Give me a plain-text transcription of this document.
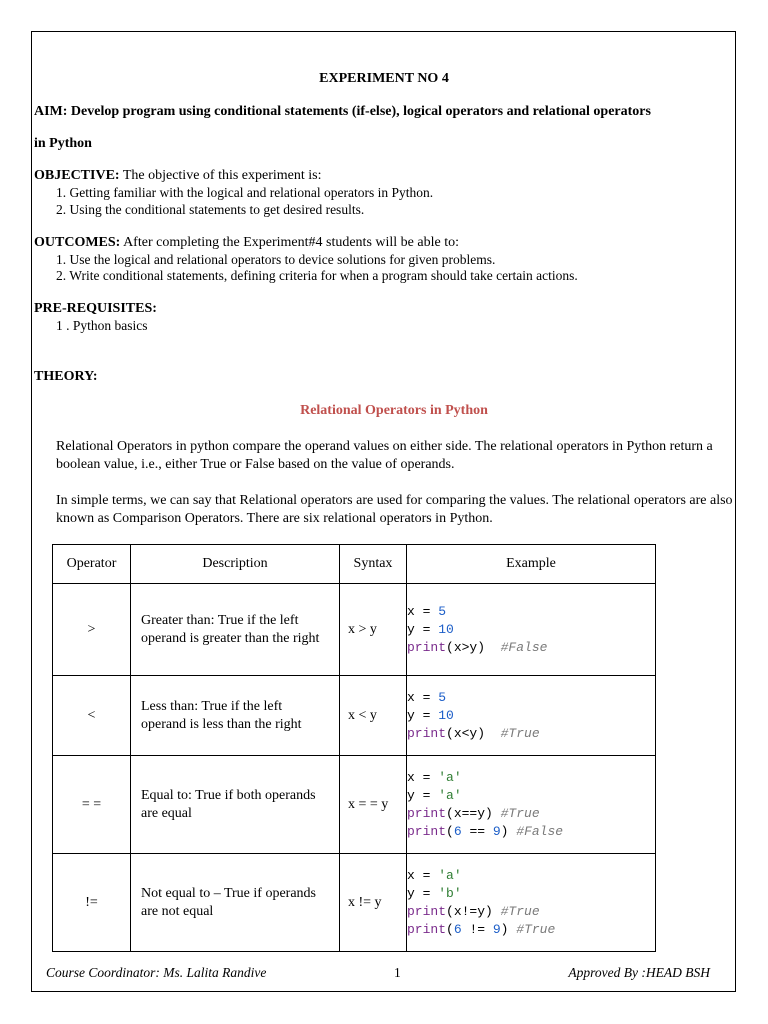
EXPERIMENT NO 4
AIM: Develop program using conditional statements (if-else), logical operators and relational operators
in Python
OBJECTIVE: The objective of this experiment is:
1. Getting familiar with the logical and relational operators in Python.
2. Using the conditional statements to get desired results.
OUTCOMES: After completing the Experiment#4 students will be able to:
1. Use the logical and relational operators to device solutions for given problems.
2. Write conditional statements, defining criteria for when a program should take certain actions.
PRE-REQUISITES:
1 . Python basics
THEORY:
Relational Operators in Python
Relational Operators in python compare the operand values on either side. The relational operators in Python return a boolean value, i.e., either True or False based on the value of operands.
In simple terms, we can say that Relational operators are used for comparing the values. The relational operators are also known as Comparison Operators. There are six relational operators in Python.
Operator	Description	Syntax	Example
>	Greater than: True if the left operand is greater than the right	x > y	x = 5
y = 10
print(x>y)  #False

<	Less than: True if the left operand is less than the right	x < y	x = 5
y = 10
print(x<y)  #True

= =	Equal to: True if both operands are equal	x = = y	x = 'a'
y = 'a'
print(x==y) #True
print(6 == 9) #False

!=	Not equal to – True if operands are not equal	x != y	x = 'a'
y = 'b'
print(x!=y) #True
print(6 != 9) #True
Course Coordinator: Ms. Lalita Randive	1	Approved By :HEAD BSH
